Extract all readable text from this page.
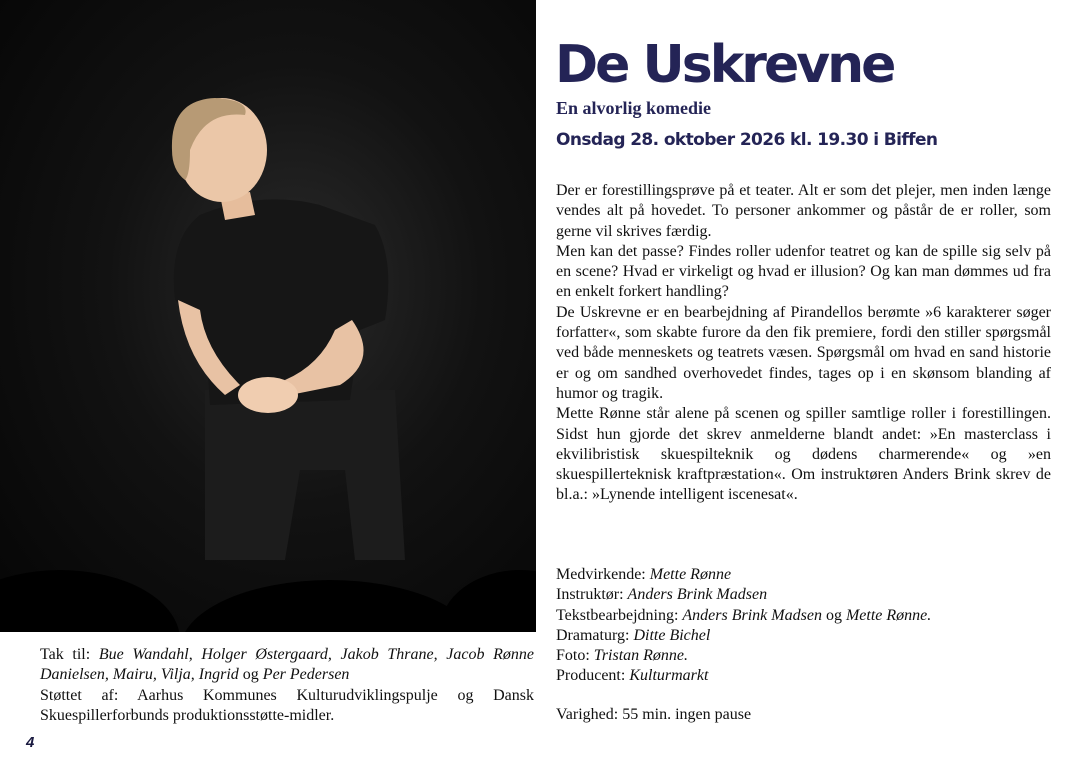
Tak til: Bue Wandahl, Holger Østergaard, Jakob Thrane, Jacob Rønne Danielsen, Mairu, Vilja, Ingrid og Per Pedersen

Støttet af: Aarhus Kommunes Kulturudviklingspulje og Dansk Skuespillerforbunds produktionsstøtte-midler.

4
De Uskrevne
En alvorlig komedie
Onsdag 28. oktober 2026 kl. 19.30 i Biffen

Der er forestillingsprøve på et teater. Alt er som det plejer, men inden længe vendes alt på hovedet. To personer ankommer og påstår de er roller, som gerne vil skrives færdig.

Men kan det passe? Findes roller udenfor teatret og kan de spille sig selv på en scene? Hvad er virkeligt og hvad er illusion? Og kan man dømmes ud fra en enkelt forkert handling?

De Uskrevne er en bearbejdning af Pirandellos berømte »6 karakterer søger forfatter«, som skabte furore da den fik premiere, fordi den stiller spørgsmål ved både menneskets og teatrets væsen. Spørgsmål om hvad en sand historie er og om sandhed overhovedet findes, tages op i en skønsom blanding af humor og tragik.

Mette Rønne står alene på scenen og spiller samtlige roller i forestillingen. Sidst hun gjorde det skrev anmelderne blandt andet: »En masterclass i ekvilibristisk skuespilteknik og dødens charmerende« og »en skuespillerteknisk kraftpræstation«. Om instruktøren Anders Brink skrev de bl.a.: »Lynende intelligent iscenesat«.

Medvirkende: Mette Rønne
Instruktør: Anders Brink Madsen
Tekstbearbejdning: Anders Brink Madsen og Mette Rønne.
Dramaturg: Ditte Bichel
Foto: Tristan Rønne.
Producent: Kulturmarkt
Varighed: 55 min. ingen pause
